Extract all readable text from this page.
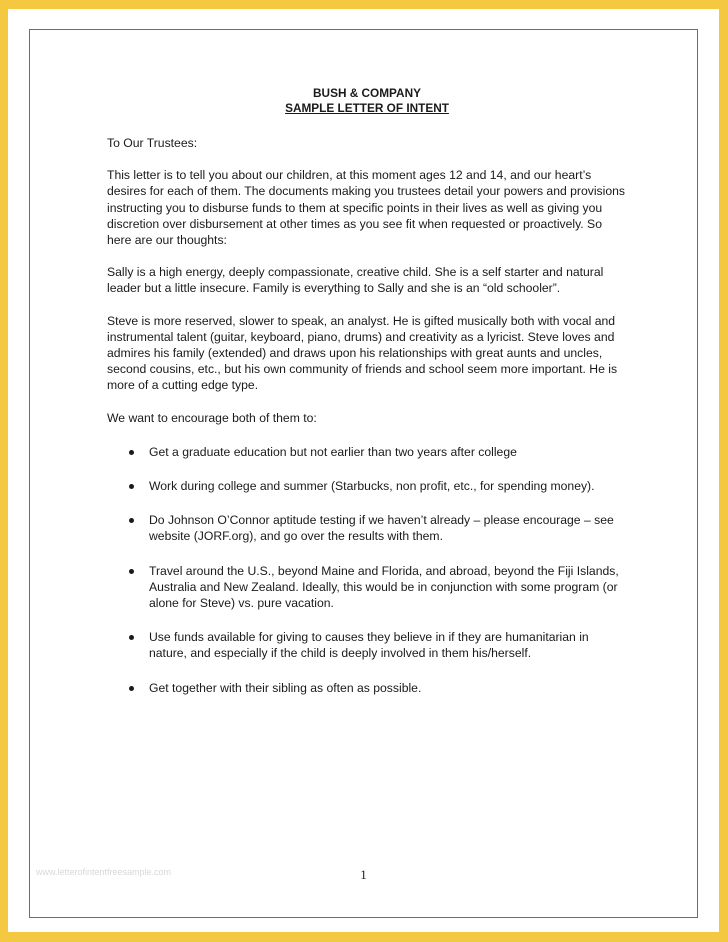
BUSH & COMPANY
SAMPLE LETTER OF INTENT

To Our Trustees:

This letter is to tell you about our children, at this moment ages 12 and 14, and our heart’s desires for each of them. The documents making you trustees detail your powers and provisions instructing you to disburse funds to them at specific points in their lives as well as giving you discretion over disbursement at other times as you see fit when requested or proactively. So here are our thoughts:

Sally is a high energy, deeply compassionate, creative child. She is a self starter and natural leader but a little insecure. Family is everything to Sally and she is an “old schooler”.

Steve is more reserved, slower to speak, an analyst. He is gifted musically both with vocal and instrumental talent (guitar, keyboard, piano, drums) and creativity as a lyricist. Steve loves and admires his family (extended) and draws upon his relationships with great aunts and uncles, second cousins, etc., but his own community of friends and school seem more important. He is more of a cutting edge type.

We want to encourage both of them to:

Get a graduate education but not earlier than two years after college
Work during college and summer (Starbucks, non profit, etc., for spending money).
Do Johnson O’Connor aptitude testing if we haven’t already – please encourage – see website (JORF.org), and go over the results with them.
Travel around the U.S., beyond Maine and Florida, and abroad, beyond the Fiji Islands, Australia and New Zealand. Ideally, this would be in conjunction with some program (or alone for Steve) vs. pure vacation.
Use funds available for giving to causes they believe in if they are humanitarian in nature, and especially if the child is deeply involved in them his/herself.
Get together with their sibling as often as possible.
1
www.letterofintentfreesample.com
